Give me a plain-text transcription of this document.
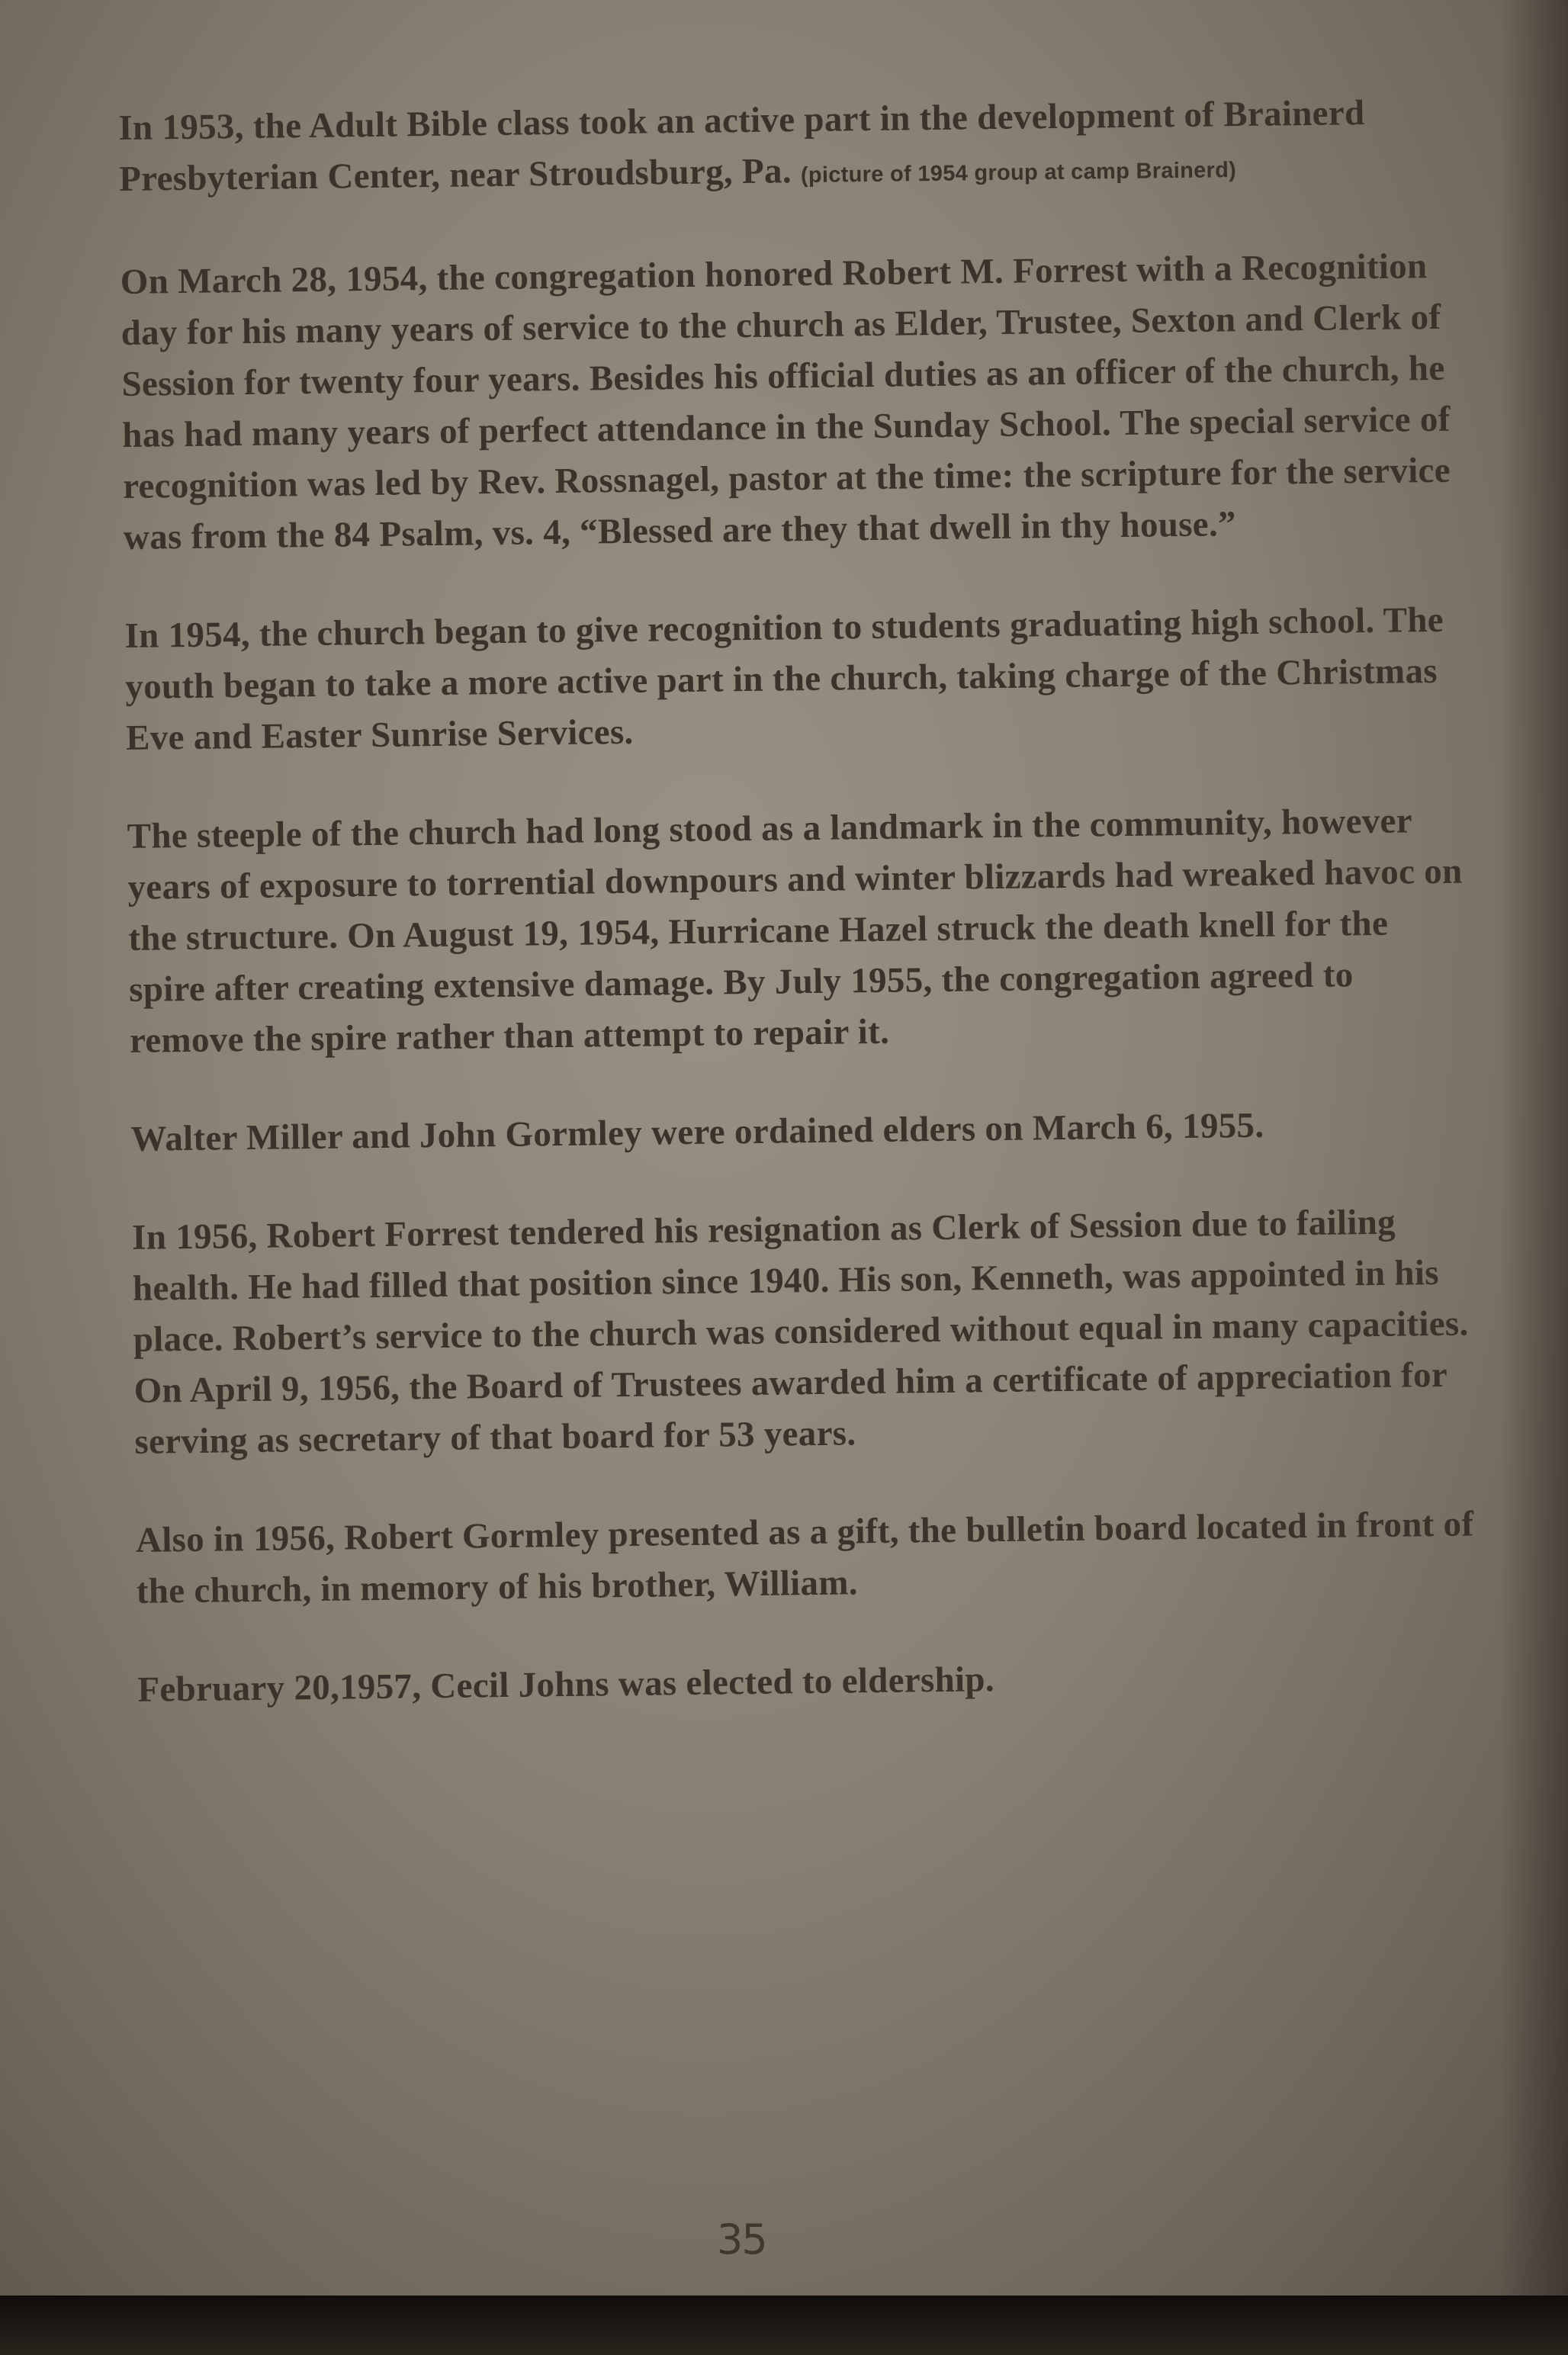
In 1953, the Adult Bible class took an active part in the development of Brainerd Presbyterian Center, near Stroudsburg, Pa. (picture of 1954 group at camp Brainerd)

On March 28, 1954, the congregation honored Robert M. Forrest with a Recognition day for his many years of service to the church as Elder, Trustee, Sexton and Clerk of Session for twenty four years. Besides his official duties as an officer of the church, he has had many years of perfect attendance in the Sunday School. The special service of recognition was led by Rev. Rossnagel, pastor at the time: the scripture for the service was from the 84 Psalm, vs. 4, “Blessed are they that dwell in thy house.”

In 1954, the church began to give recognition to students graduating high school. The youth began to take a more active part in the church, taking charge of the Christmas Eve and Easter Sunrise Services.

The steeple of the church had long stood as a landmark in the community, however years of exposure to torrential downpours and winter blizzards had wreaked havoc on the structure. On August 19, 1954, Hurricane Hazel struck the death knell for the spire after creating extensive damage. By July 1955, the congregation agreed to remove the spire rather than attempt to repair it.

Walter Miller and John Gormley were ordained elders on March 6, 1955.

In 1956, Robert Forrest tendered his resignation as Clerk of Session due to failing health. He had filled that position since 1940. His son, Kenneth, was appointed in his place. Robert’s service to the church was considered without equal in many capacities. On April 9, 1956, the Board of Trustees awarded him a certificate of appreciation for serving as secretary of that board for 53 years.

Also in 1956, Robert Gormley presented as a gift, the bulletin board located in front of the church, in memory of his brother, William.

February 20,1957, Cecil Johns was elected to eldership.

35
